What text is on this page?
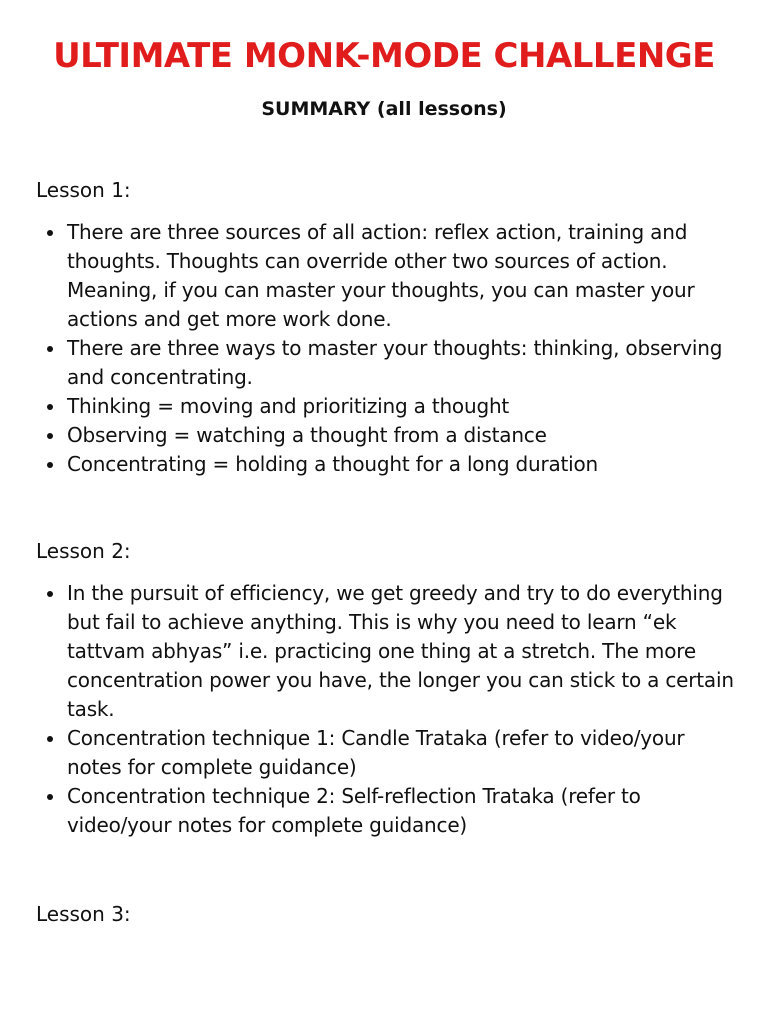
ULTIMATE MONK-MODE CHALLENGE
SUMMARY (all lessons)
Lesson 1:
There are three sources of all action: reflex action, training and thoughts. Thoughts can override other two sources of action. Meaning, if you can master your thoughts, you can master your actions and get more work done.
There are three ways to master your thoughts: thinking, observing and concentrating.
Thinking = moving and prioritizing a thought
Observing = watching a thought from a distance
Concentrating = holding a thought for a long duration
Lesson 2:
In the pursuit of efficiency, we get greedy and try to do everything but fail to achieve anything. This is why you need to learn “ek tattvam abhyas” i.e. practicing one thing at a stretch. The more concentration power you have, the longer you can stick to a certain task.
Concentration technique 1: Candle Trataka (refer to video/your notes for complete guidance)
Concentration technique 2: Self-reflection Trataka (refer to video/your notes for complete guidance)
Lesson 3:
